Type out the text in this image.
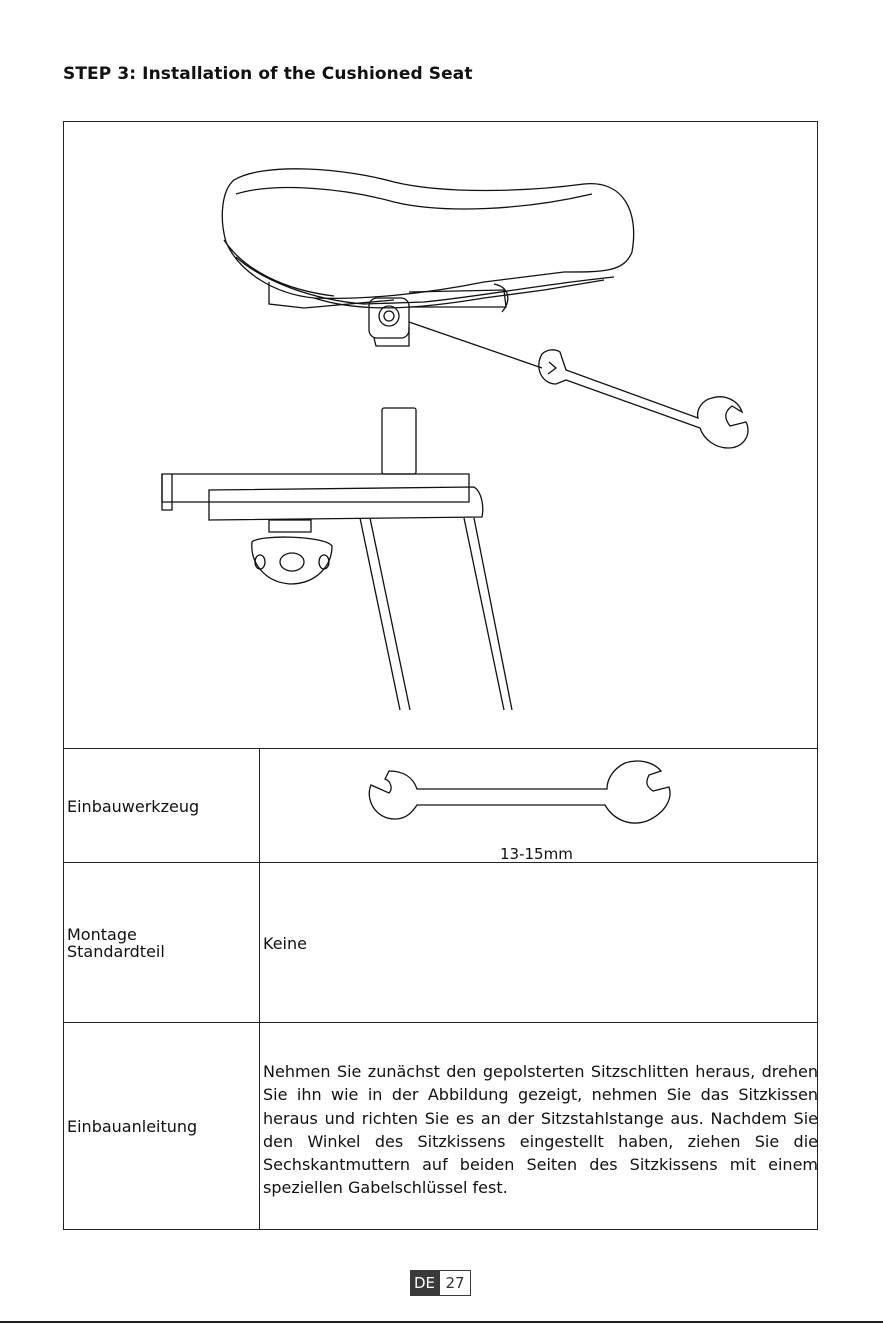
STEP 3: Installation of the Cushioned Seat
Einbauwerkzeug
13-15mm
Montage
Standardteil	Keine
Einbauanleitung
Nehmen Sie zunächst den gepolsterten Sitzschlitten heraus, drehen Sie ihn wie in der Abbildung gezeigt, nehmen Sie das Sitzkissen heraus und richten Sie es an der Sitzstahlstange aus. Nachdem Sie den Winkel des Sitzkissens eingestellt haben, ziehen Sie die Sechskantmuttern auf beiden Seiten des Sitzkissens mit einem speziellen Gabelschlüssel fest.
DE 27
